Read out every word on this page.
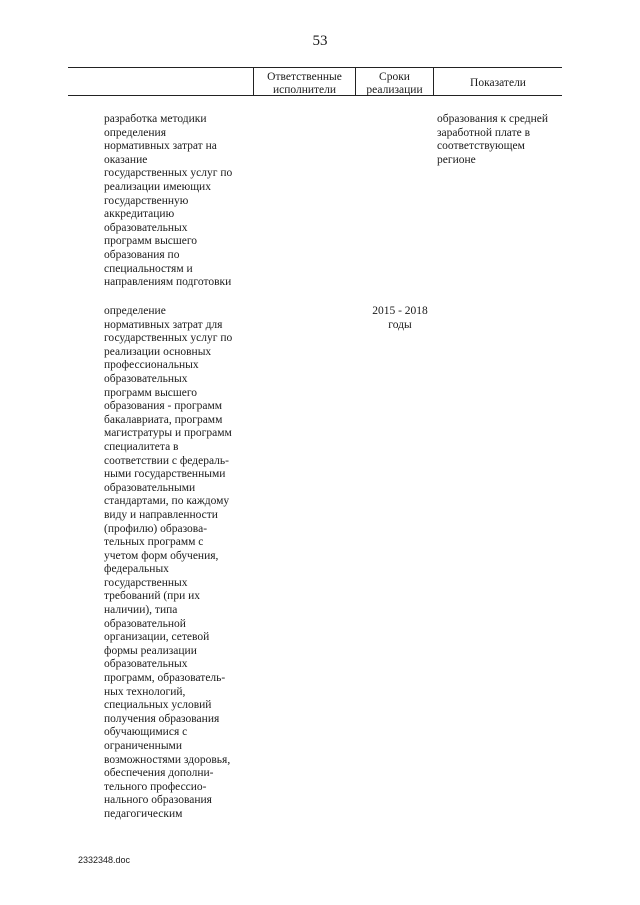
53
Ответственные
исполнители
Сроки
реализации
Показатели
разработка методики
определения
нормативных затрат на
оказание
государственных услуг по
реализации имеющих
государственную
аккредитацию
образовательных
программ высшего
образования по
специальностям и
направлениям подготовки
образования к средней
заработной плате в
соответствующем
регионе
определение
нормативных затрат для
государственных услуг по
реализации основных
профессиональных
образовательных
программ высшего
образования - программ
бакалавриата, программ
магистратуры и программ
специалитета в
соответствии с федераль-
ными государственными
образовательными
стандартами, по каждому
виду и направленности
(профилю) образова-
тельных программ с
учетом форм обучения,
федеральных
государственных
требований (при их
наличии), типа
образовательной
организации, сетевой
формы реализации
образовательных
программ, образователь-
ных технологий,
специальных условий
получения образования
обучающимися с
ограниченными
возможностями здоровья,
обеспечения дополни-
тельного профессио-
нального образования
педагогическим
2015 - 2018
годы
2332348.doc
